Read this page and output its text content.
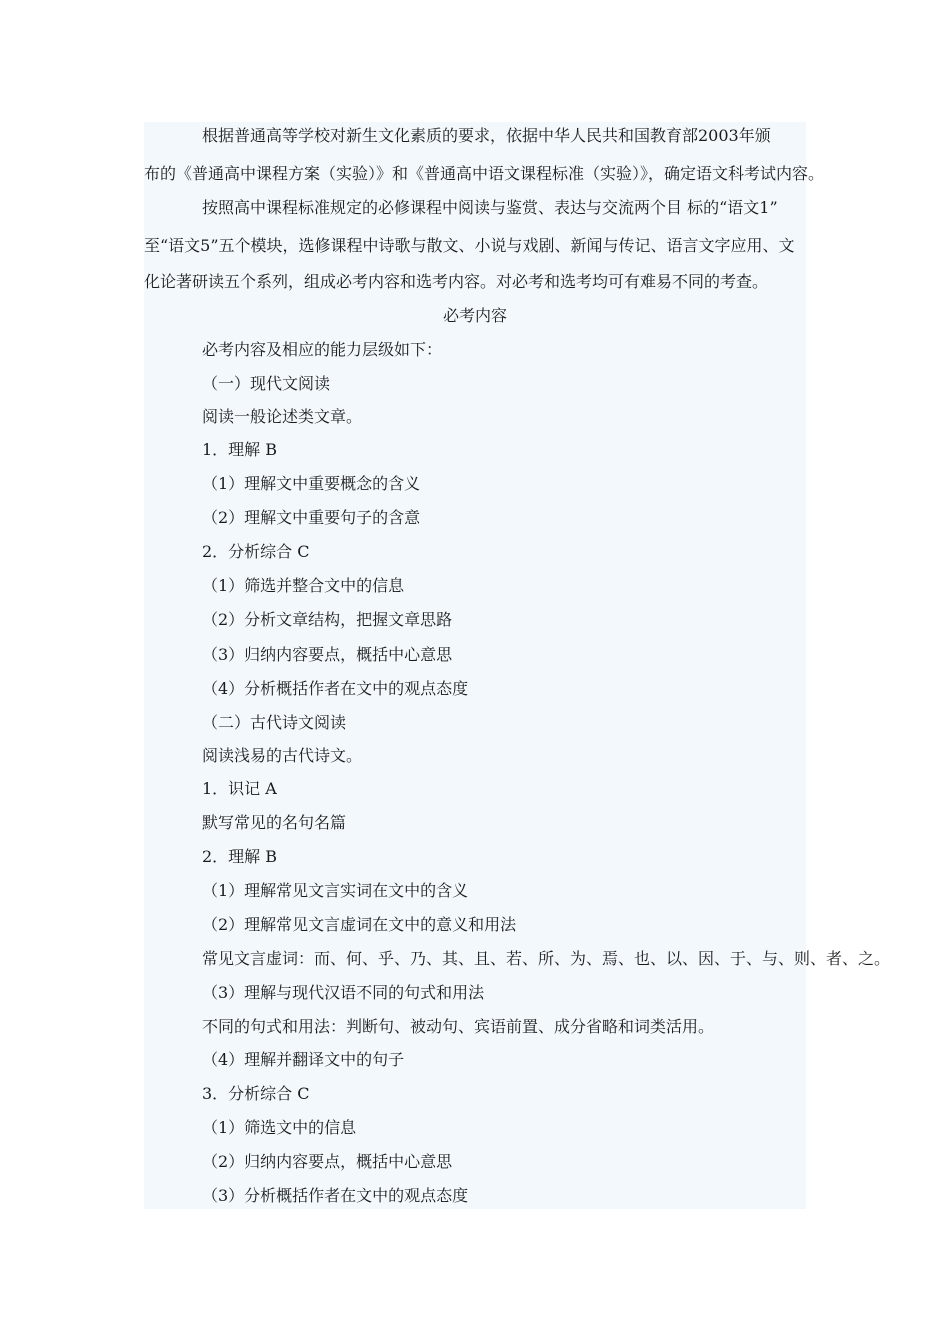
根据普通高等学校对新生文化素质的要求，依据中华人民共和国教育部2003年颁
布的《普通高中课程方案（实验）》和《普通高中语文课程标准（实验）》，确定语文科考试内容。
按照高中课程标准规定的必修课程中阅读与鉴赏、表达与交流两个目 标的“语文1”
至“语文5”五个模块，选修课程中诗歌与散文、小说与戏剧、新闻与传记、语言文字应用、文
化论著研读五个系列，组成必考内容和选考内容。对必考和选考均可有难易不同的考查。
必考内容
必考内容及相应的能力层级如下：
（一）现代文阅读
阅读一般论述类文章。
1．理解 B
（1）理解文中重要概念的含义
（2）理解文中重要句子的含意
2．分析综合 C
（1）筛选并整合文中的信息
（2）分析文章结构，把握文章思路
（3）归纳内容要点，概括中心意思
（4）分析概括作者在文中的观点态度
（二）古代诗文阅读
阅读浅易的古代诗文。
1．识记 A
默写常见的名句名篇
2．理解 B
（1）理解常见文言实词在文中的含义
（2）理解常见文言虚词在文中的意义和用法
常见文言虚词：而、何、乎、乃、其、且、若、所、为、焉、也、以、因、于、与、则、者、之。
（3）理解与现代汉语不同的句式和用法
不同的句式和用法：判断句、被动句、宾语前置、成分省略和词类活用。
（4）理解并翻译文中的句子
3．分析综合 C
（1）筛选文中的信息
（2）归纳内容要点，概括中心意思
（3）分析概括作者在文中的观点态度
